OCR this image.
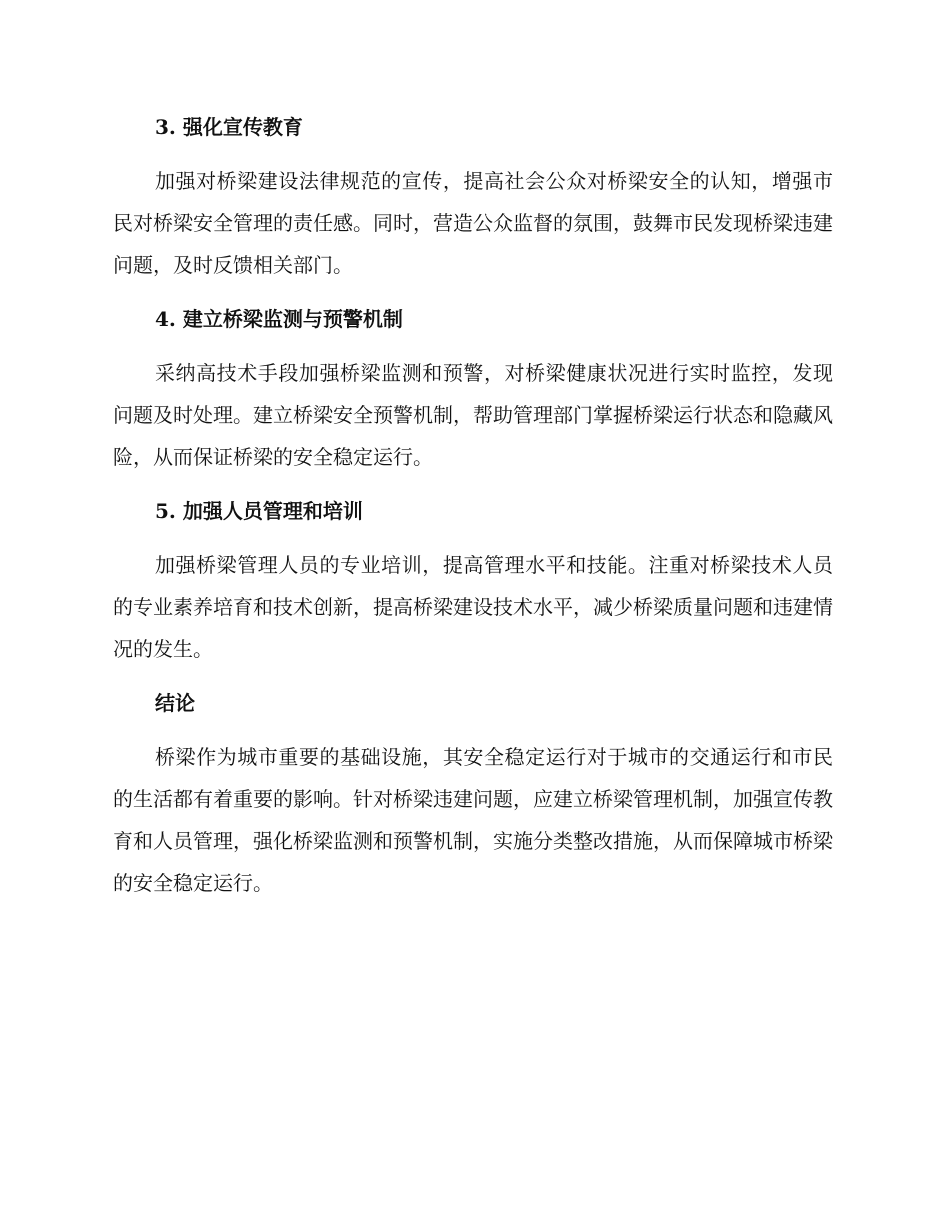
3. 强化宣传教育

加强对桥梁建设法律规范的宣传，提高社会公众对桥梁安全的认知，增强市民对桥梁安全管理的责任感。同时，营造公众监督的氛围，鼓舞市民发现桥梁违建问题，及时反馈相关部门。

4. 建立桥梁监测与预警机制

采纳高技术手段加强桥梁监测和预警，对桥梁健康状况进行实时监控，发现问题及时处理。建立桥梁安全预警机制，帮助管理部门掌握桥梁运行状态和隐藏风险，从而保证桥梁的安全稳定运行。

5. 加强人员管理和培训

加强桥梁管理人员的专业培训，提高管理水平和技能。注重对桥梁技术人员的专业素养培育和技术创新，提高桥梁建设技术水平，减少桥梁质量问题和违建情况的发生。

结论

桥梁作为城市重要的基础设施，其安全稳定运行对于城市的交通运行和市民的生活都有着重要的影响。针对桥梁违建问题，应建立桥梁管理机制，加强宣传教育和人员管理，强化桥梁监测和预警机制，实施分类整改措施，从而保障城市桥梁的安全稳定运行。
